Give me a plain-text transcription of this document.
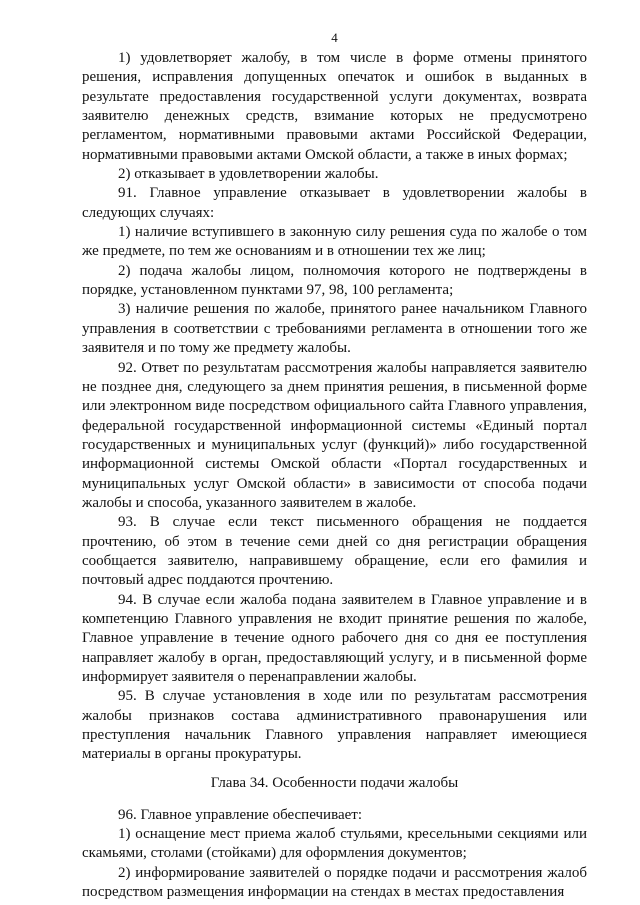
4

1) удовлетворяет жалобу, в том числе в форме отмены принятого решения, исправления допущенных опечаток и ошибок в выданных в результате предоставления государственной услуги документах, возврата заявителю денежных средств, взимание которых не предусмотрено регламентом, нормативными правовыми актами Российской Федерации, нормативными правовыми актами Омской области, а также в иных формах;

2) отказывает в удовлетворении жалобы.

91. Главное управление отказывает в удовлетворении жалобы в следующих случаях:

1) наличие вступившего в законную силу решения суда по жалобе о том же предмете, по тем же основаниям и в отношении тех же лиц;

2) подача жалобы лицом, полномочия которого не подтверждены в порядке, установленном пунктами 97, 98, 100 регламента;

3) наличие решения по жалобе, принятого ранее начальником Главного управления в соответствии с требованиями регламента в отношении того же заявителя и по тому же предмету жалобы.

92. Ответ по результатам рассмотрения жалобы направляется заявителю не позднее дня, следующего за днем принятия решения, в письменной форме или электронном виде посредством официального сайта Главного управления, федеральной государственной информационной системы «Единый портал государственных и муниципальных услуг (функций)» либо государственной информационной системы Омской области «Портал государственных и муниципальных услуг Омской области» в зависимости от способа подачи жалобы и способа, указанного заявителем в жалобе.

93. В случае если текст письменного обращения не поддается прочтению, об этом в течение семи дней со дня регистрации обращения сообщается заявителю, направившему обращение, если его фамилия и почтовый адрес поддаются прочтению.

94. В случае если жалоба подана заявителем в Главное управление и в компетенцию Главного управления не входит принятие решения по жалобе, Главное управление в течение одного рабочего дня со дня ее поступления направляет жалобу в орган, предоставляющий услугу, и в письменной форме информирует заявителя о перенаправлении жалобы.

95. В случае установления в ходе или по результатам рассмотрения жалобы признаков состава административного правонарушения или преступления начальник Главного управления направляет имеющиеся материалы в органы прокуратуры.

Глава 34. Особенности подачи жалобы

96. Главное управление обеспечивает:

1) оснащение мест приема жалоб стульями, кресельными секциями или скамьями, столами (стойками) для оформления документов;

2) информирование заявителей о порядке подачи и рассмотрения жалоб посредством размещения информации на стендах в местах предоставления
